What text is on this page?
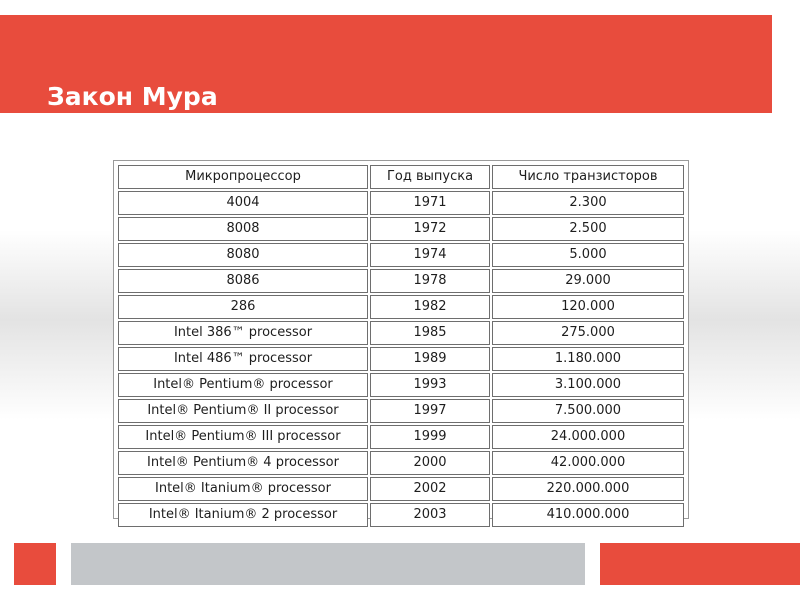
Закон Мура
Микропроцессор	Год выпуска	Число транзисторов
4004	1971	2.300
8008	1972	2.500
8080	1974	5.000
8086	1978	29.000
286	1982	120.000
Intel 386™ processor	1985	275.000
Intel 486™ processor	1989	1.180.000
Intel® Pentium® processor	1993	3.100.000
Intel® Pentium® II processor	1997	7.500.000
Intel® Pentium® III processor	1999	24.000.000
Intel® Pentium® 4 processor	2000	42.000.000
Intel® Itanium® processor	2002	220.000.000
Intel® Itanium® 2 processor	2003	410.000.000
